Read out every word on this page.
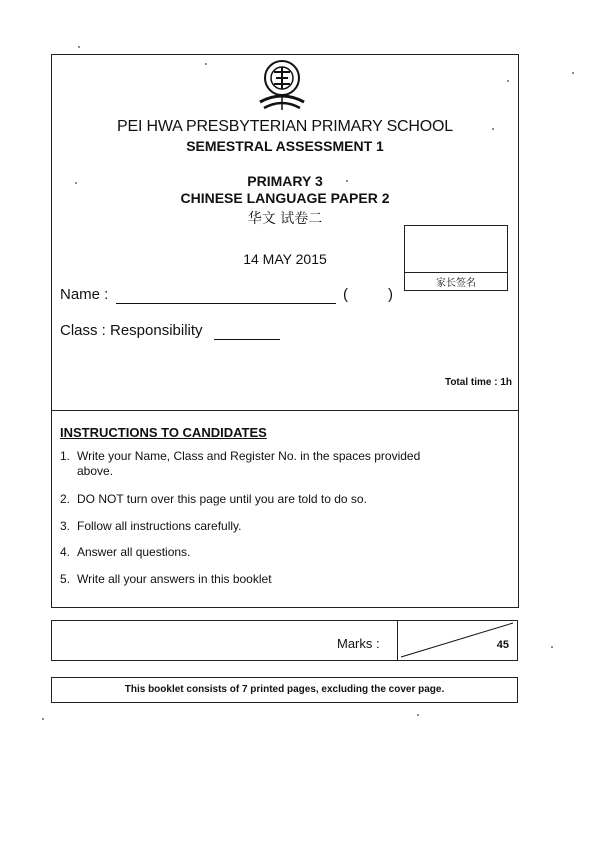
PEI HWA PRESBYTERIAN PRIMARY SCHOOL
SEMESTRAL ASSESSMENT 1
PRIMARY 3
CHINESE LANGUAGE PAPER 2
华文 试卷二
14 MAY 2015
家长签名
Name :	(	)
Class : Responsibility
Total time : 1h
INSTRUCTIONS TO CANDIDATES
1. Write your Name, Class and Register No. in the spaces provided
above.
2. DO NOT turn over this page until you are told to do so.
3. Follow all instructions carefully.
4. Answer all questions.
5. Write all your answers in this booklet
Marks :	45
This booklet consists of 7 printed pages, excluding the cover page.
